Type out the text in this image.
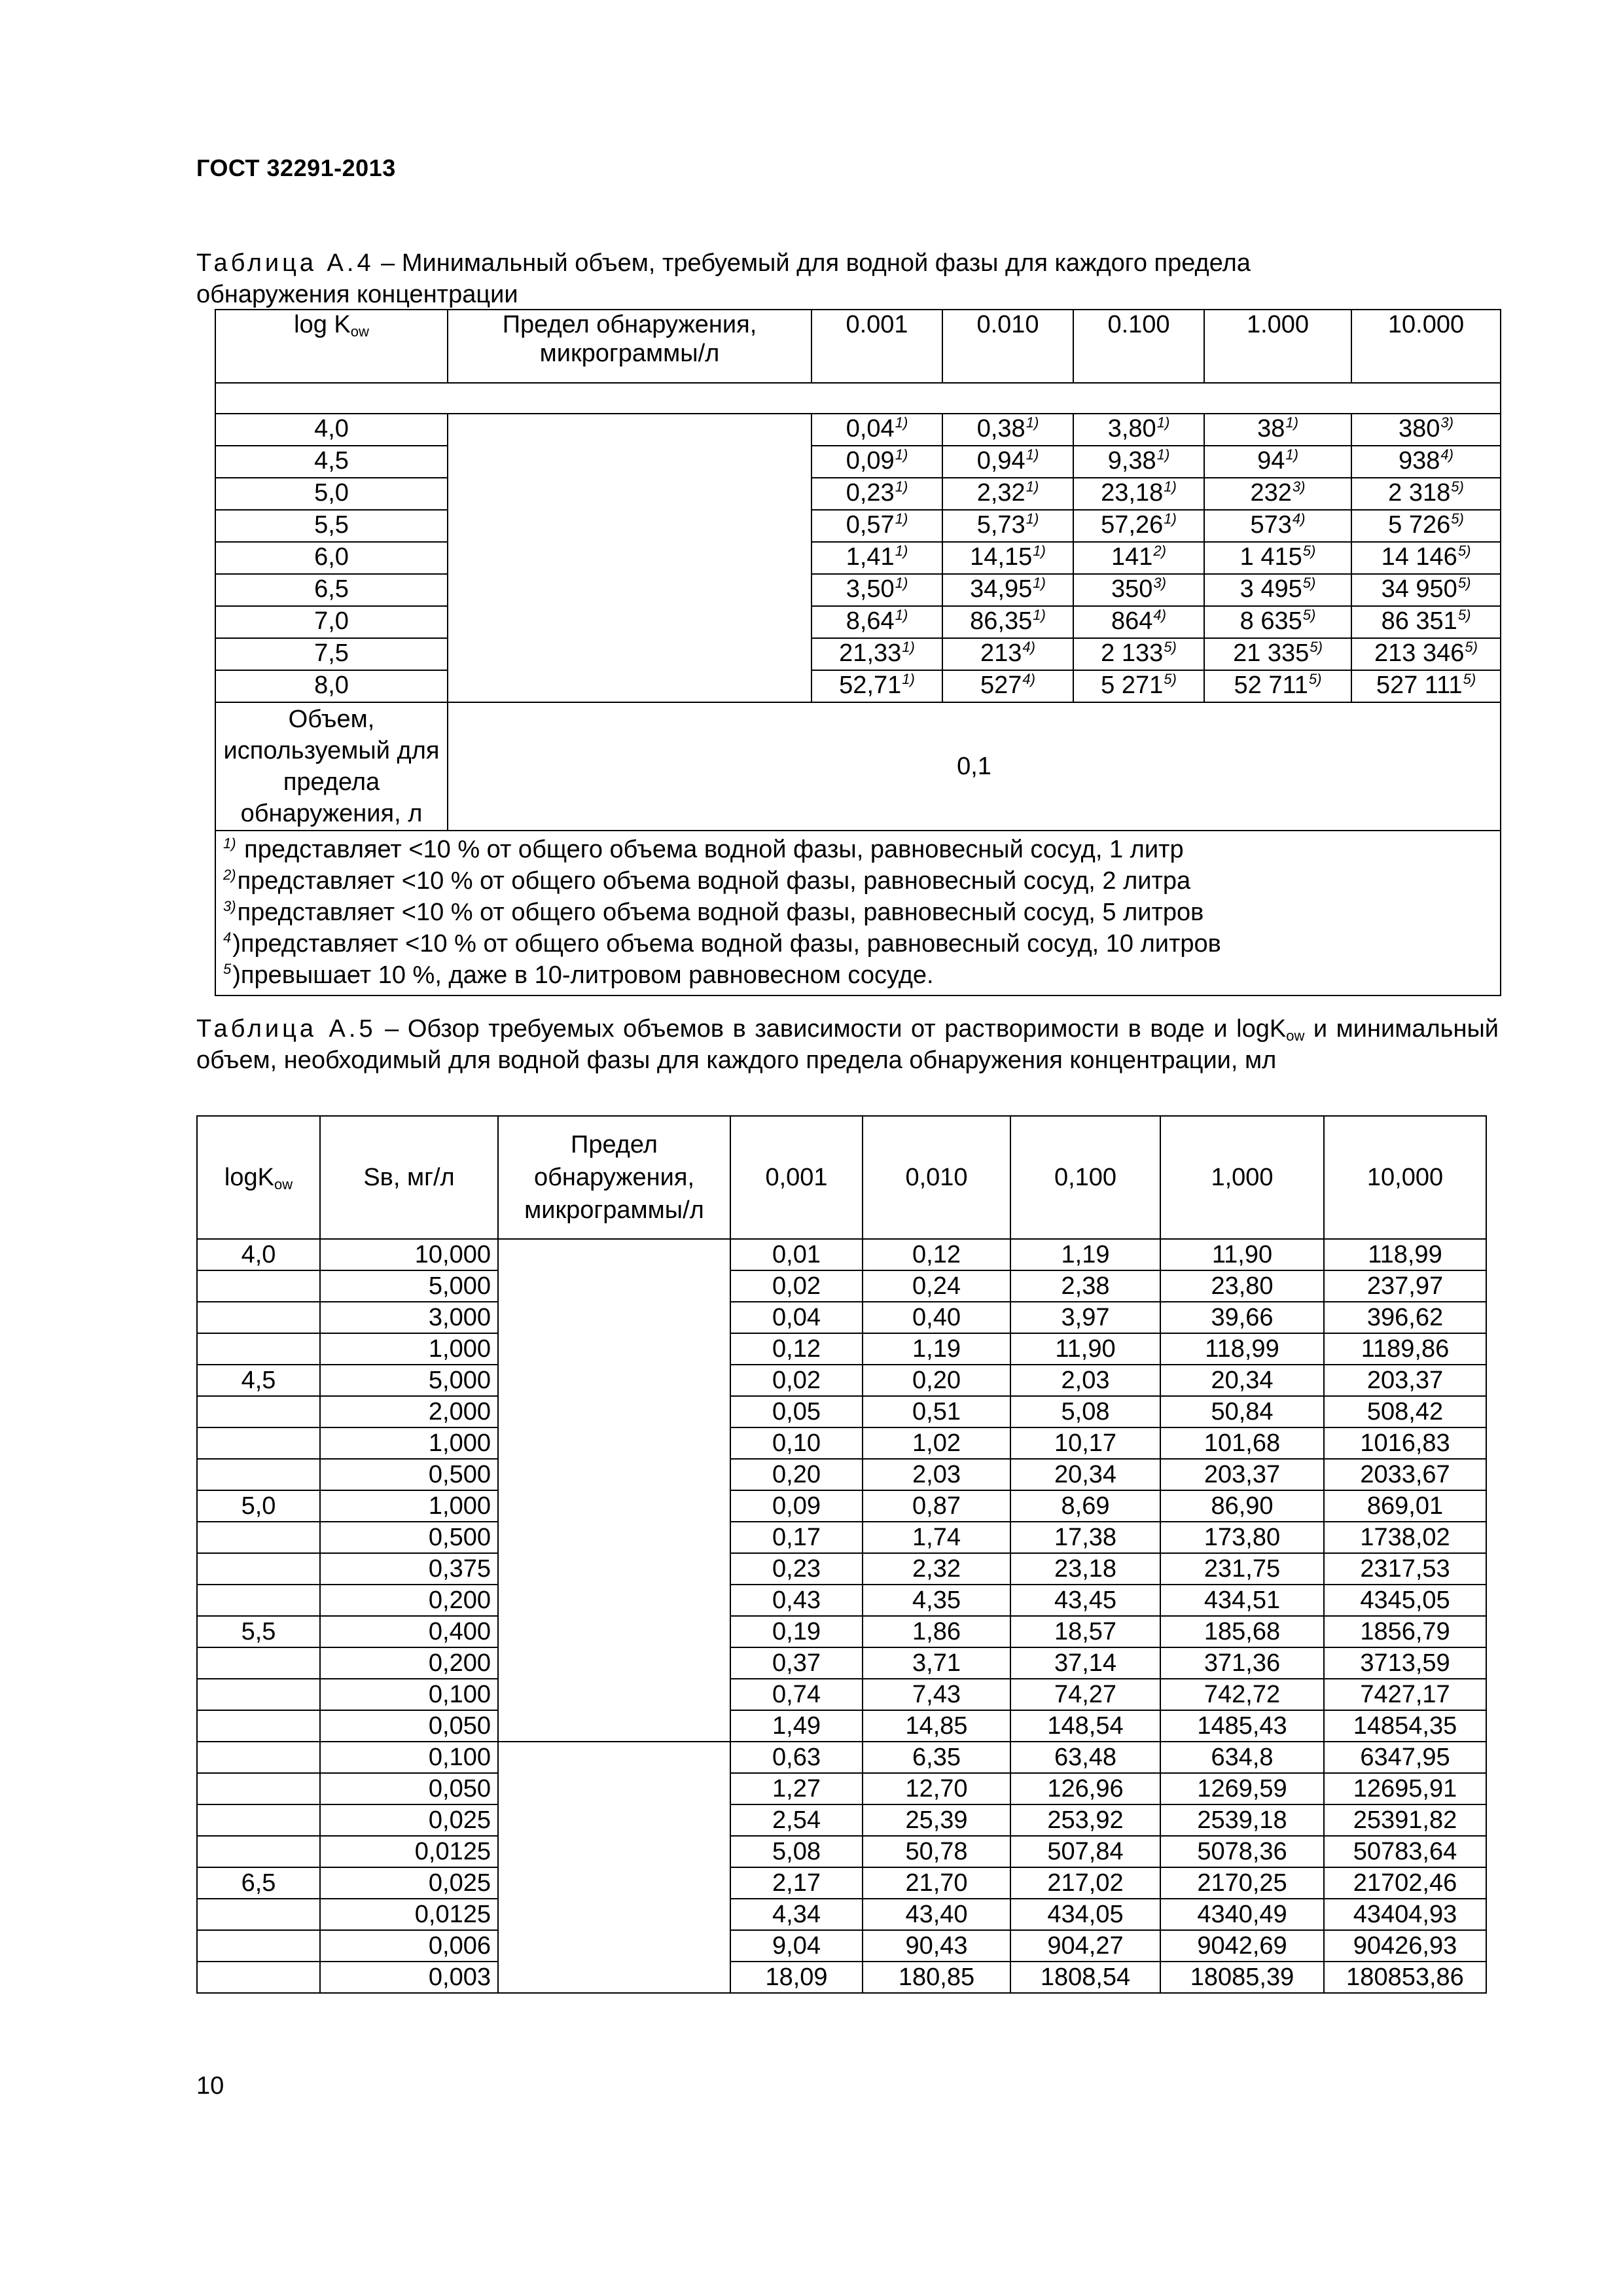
ГОСТ 32291-2013
Таблица А.4 – Минимальный объем, требуемый для водной фазы для каждого предела обнаружения концентрации
$\log K_{ow}$	Предел обнаружения, микрограммы/л	0.001	0.010	0.100	1.000	10.000

4,0		0,04$^{1)}$	0,38$^{1)}$	3,80$^{1)}$	38$^{1)}$	380$^{3)}$
4,5		0,09$^{1)}$	0,94$^{1)}$	9,38$^{1)}$	94$^{1)}$	938$^{4)}$
5,0		0,23$^{1)}$	2,32$^{1)}$	23,18$^{1)}$	232$^{3)}$	2 318$^{5)}$
5,5		0,57$^{1)}$	5,73$^{1)}$	57,26$^{1)}$	573$^{4)}$	5 726$^{5)}$
6,0		1,41$^{1)}$	14,15$^{1)}$	141$^{2)}$	1 415$^{5)}$	14 146$^{5)}$
6,5		3,50$^{1)}$	34,95$^{1)}$	350$^{3)}$	3 495$^{5)}$	34 950$^{5)}$
7,0		8,64$^{1)}$	86,35$^{1)}$	864$^{4)}$	8 635$^{5)}$	86 351$^{5)}$
7,5		21,33$^{1)}$	213$^{4)}$	2 133$^{5)}$	21 335$^{5)}$	213 346$^{5)}$
8,0		52,71$^{1)}$	527$^{4)}$	5 271$^{5)}$	52 711$^{5)}$	527 111$^{5)}$
Объем, используемый для предела обнаружения, л	0,1					

$^{1)}$ представляет <10 % от общего объема водной фазы, равновесный сосуд, 1 литр
$^{2)}$представляет <10 % от общего объема водной фазы, равновесный сосуд, 2 литра
$^{3)}$представляет <10 % от общего объема водной фазы, равновесный сосуд, 5 литров
$^4$)представляет <10 % от общего объема водной фазы, равновесный сосуд, 10 литров
$^5$)превышает 10 %, даже в 10-литровом равновесном сосуде.						
Таблица А.5 – Обзор требуемых объемов в зависимости от растворимости в воде и logK$_{ow}$ и минимальный объем, необходимый для водной фазы для каждого предела обнаружения концентрации, мл
logK$_{ow}$	Sв, мг/л	Предел обнаружения, микрограммы/л	0,001	0,010	0,100	1,000	10,000
4,0	10,000		0,01	0,12	1,19	11,90	118,99
	5,000		0,02	0,24	2,38	23,80	237,97
	3,000		0,04	0,40	3,97	39,66	396,62
	1,000		0,12	1,19	11,90	118,99	1189,86
4,5	5,000		0,02	0,20	2,03	20,34	203,37
	2,000		0,05	0,51	5,08	50,84	508,42
	1,000		0,10	1,02	10,17	101,68	1016,83
	0,500		0,20	2,03	20,34	203,37	2033,67
5,0	1,000		0,09	0,87	8,69	86,90	869,01
	0,500		0,17	1,74	17,38	173,80	1738,02
	0,375		0,23	2,32	23,18	231,75	2317,53
	0,200		0,43	4,35	43,45	434,51	4345,05
5,5	0,400		0,19	1,86	18,57	185,68	1856,79
	0,200		0,37	3,71	37,14	371,36	3713,59
	0,100		0,74	7,43	74,27	742,72	7427,17
	0,050		1,49	14,85	148,54	1485,43	14854,35
	0,100		0,63	6,35	63,48	634,8	6347,95
	0,050		1,27	12,70	126,96	1269,59	12695,91
	0,025		2,54	25,39	253,92	2539,18	25391,82
	0,0125		5,08	50,78	507,84	5078,36	50783,64
6,5	0,025		2,17	21,70	217,02	2170,25	21702,46
	0,0125		4,34	43,40	434,05	4340,49	43404,93
	0,006		9,04	90,43	904,27	9042,69	90426,93
	0,003		18,09	180,85	1808,54	18085,39	180853,86
10
